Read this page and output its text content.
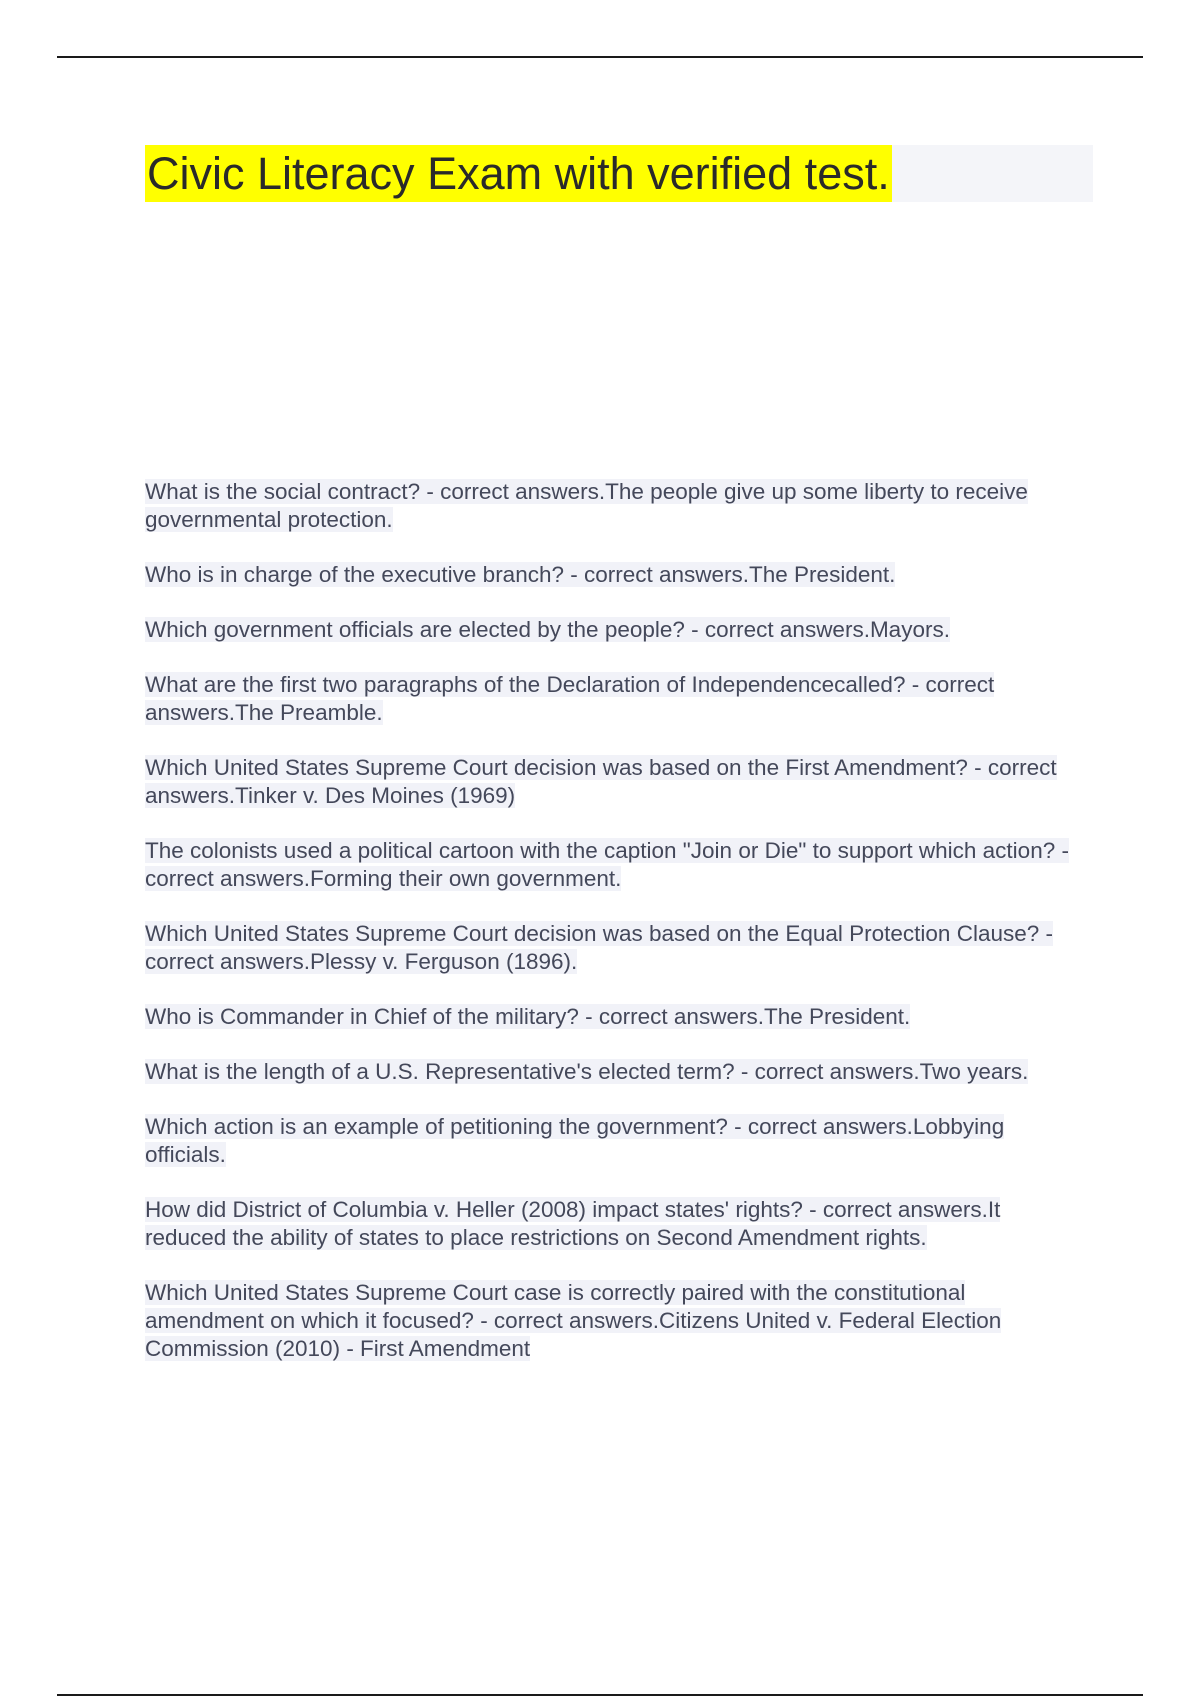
Civic Literacy Exam with verified test.

What is the social contract? - correct answers.The people give up some liberty to receive governmental protection.

Who is in charge of the executive branch? - correct answers.The President.

Which government officials are elected by the people? - correct answers.Mayors.

What are the first two paragraphs of the Declaration of Independencecalled? - correct answers.The Preamble.

Which United States Supreme Court decision was based on the First Amendment? - correct answers.Tinker v. Des Moines (1969)

The colonists used a political cartoon with the caption "Join or Die" to support which action? - correct answers.Forming their own government.

Which United States Supreme Court decision was based on the Equal Protection Clause? - correct answers.Plessy v. Ferguson (1896).

Who is Commander in Chief of the military? - correct answers.The President.

What is the length of a U.S. Representative's elected term? - correct answers.Two years.

Which action is an example of petitioning the government? - correct answers.Lobbying officials.

How did District of Columbia v. Heller (2008) impact states' rights? - correct answers.It reduced the ability of states to place restrictions on Second Amendment rights.

Which United States Supreme Court case is correctly paired with the constitutional amendment on which it focused? - correct answers.Citizens United v. Federal Election Commission (2010) - First Amendment
